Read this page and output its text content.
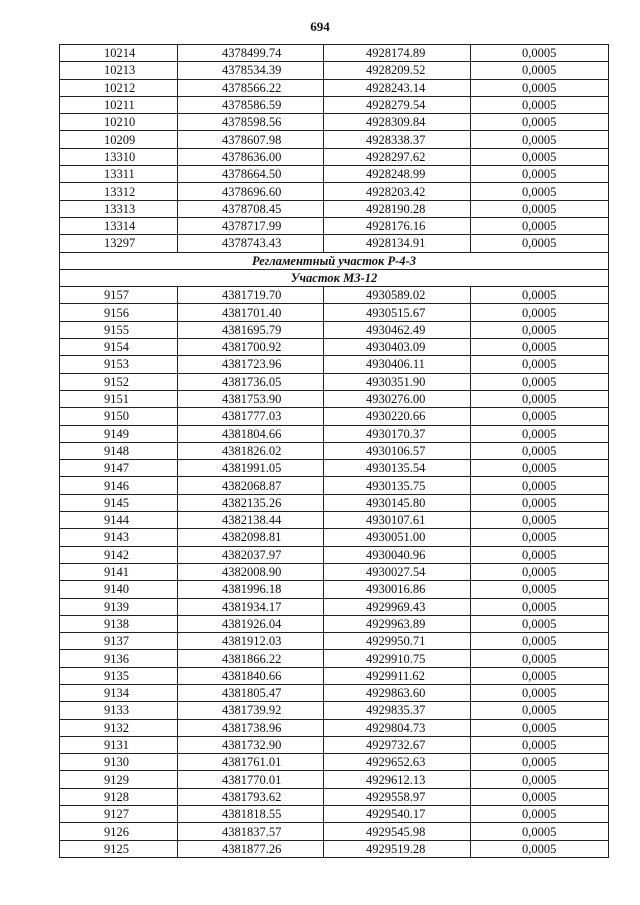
694
10214	4378499.74	4928174.89	0,0005
10213	4378534.39	4928209.52	0,0005
10212	4378566.22	4928243.14	0,0005
10211	4378586.59	4928279.54	0,0005
10210	4378598.56	4928309.84	0,0005
10209	4378607.98	4928338.37	0,0005
13310	4378636.00	4928297.62	0,0005
13311	4378664.50	4928248.99	0,0005
13312	4378696.60	4928203.42	0,0005
13313	4378708.45	4928190.28	0,0005
13314	4378717.99	4928176.16	0,0005
13297	4378743.43	4928134.91	0,0005
Регламентный участок Р-4-3			
Участок МЗ-12			
9157	4381719.70	4930589.02	0,0005
9156	4381701.40	4930515.67	0,0005
9155	4381695.79	4930462.49	0,0005
9154	4381700.92	4930403.09	0,0005
9153	4381723.96	4930406.11	0,0005
9152	4381736.05	4930351.90	0,0005
9151	4381753.90	4930276.00	0,0005
9150	4381777.03	4930220.66	0,0005
9149	4381804.66	4930170.37	0,0005
9148	4381826.02	4930106.57	0,0005
9147	4381991.05	4930135.54	0,0005
9146	4382068.87	4930135.75	0,0005
9145	4382135.26	4930145.80	0,0005
9144	4382138.44	4930107.61	0,0005
9143	4382098.81	4930051.00	0,0005
9142	4382037.97	4930040.96	0,0005
9141	4382008.90	4930027.54	0,0005
9140	4381996.18	4930016.86	0,0005
9139	4381934.17	4929969.43	0,0005
9138	4381926.04	4929963.89	0,0005
9137	4381912.03	4929950.71	0,0005
9136	4381866.22	4929910.75	0,0005
9135	4381840.66	4929911.62	0,0005
9134	4381805.47	4929863.60	0,0005
9133	4381739.92	4929835.37	0,0005
9132	4381738.96	4929804.73	0,0005
9131	4381732.90	4929732.67	0,0005
9130	4381761.01	4929652.63	0,0005
9129	4381770.01	4929612.13	0,0005
9128	4381793.62	4929558.97	0,0005
9127	4381818.55	4929540.17	0,0005
9126	4381837.57	4929545.98	0,0005
9125	4381877.26	4929519.28	0,0005
